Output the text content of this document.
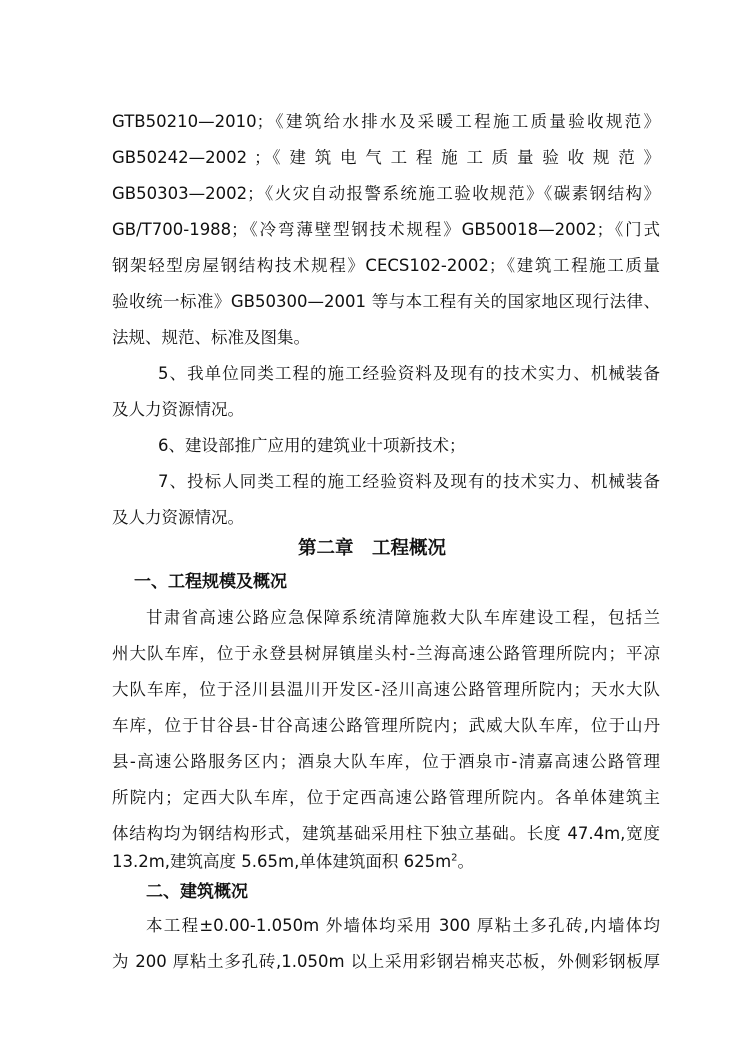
GTB50210—2010；《建筑给水排水及采暖工程施工质量验收规范》
GB50242—2002 ；《 建 筑 电 气 工 程 施 工 质 量 验 收 规 范 》
GB50303—2002；《火灾自动报警系统施工验收规范》《碳素钢结构》
GB/T700-1988；《冷弯薄壁型钢技术规程》GB50018—2002；《门式
钢架轻型房屋钢结构技术规程》CECS102-2002；《建筑工程施工质量
验收统一标准》GB50300—2001 等与本工程有关的国家地区现行法律、
法规、规范、标准及图集。
5、我单位同类工程的施工经验资料及现有的技术实力、机械装备
及人力资源情况。
6、建设部推广应用的建筑业十项新技术；
7、投标人同类工程的施工经验资料及现有的技术实力、机械装备
及人力资源情况。
第二章　工程概况
一、工程规模及概况
甘肃省高速公路应急保障系统清障施救大队车库建设工程，包括兰
州大队车库，位于永登县树屏镇崖头村-兰海高速公路管理所院内；平凉
大队车库，位于泾川县温川开发区-泾川高速公路管理所院内；天水大队
车库，位于甘谷县-甘谷高速公路管理所院内；武威大队车库，位于山丹
县-高速公路服务区内；酒泉大队车库，位于酒泉市-清嘉高速公路管理
所院内；定西大队车库，位于定西高速公路管理所院内。各单体建筑主
体结构均为钢结构形式，建筑基础采用柱下独立基础。长度 47.4m,宽度
13.2m,建筑高度 5.65m,单体建筑面积 $625m^2$。
二、建筑概况
本工程±0.00-1.050m 外墙体均采用 300 厚粘土多孔砖,内墙体均
为 200 厚粘土多孔砖,1.050m 以上采用彩钢岩棉夹芯板，外侧彩钢板厚
